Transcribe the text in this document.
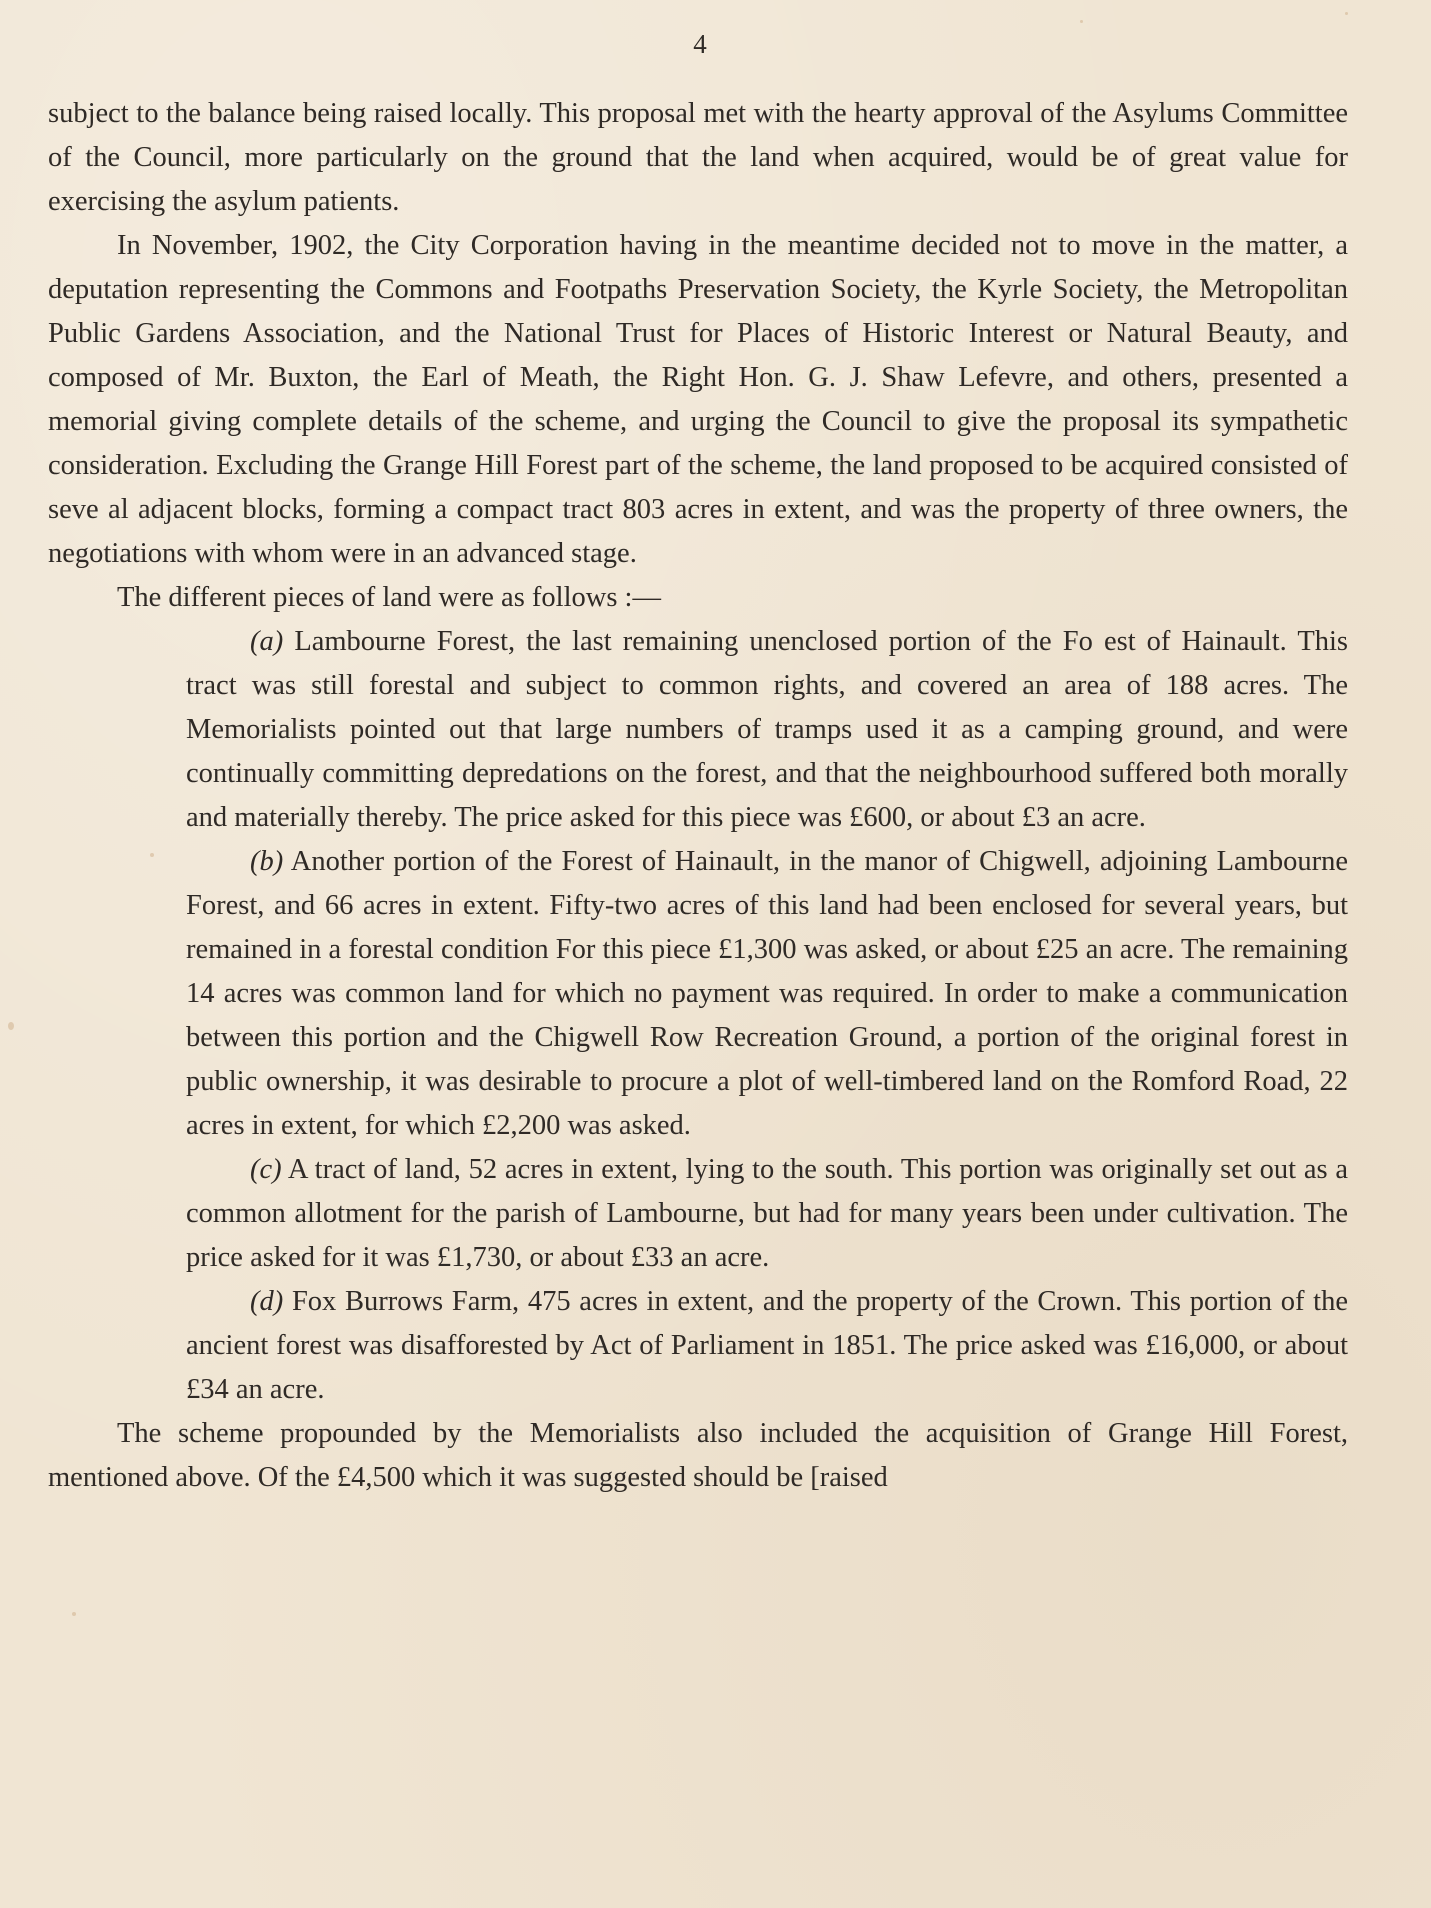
4

subject to the balance being raised locally. This proposal met with the hearty approval of the Asylums Committee of the Council, more particularly on the ground that the land when acquired, would be of great value for exercising the asylum patients.

In November, 1902, the City Corporation having in the meantime decided not to move in the matter, a deputation representing the Commons and Footpaths Preservation Society, the Kyrle Society, the Metropolitan Public Gardens Association, and the National Trust for Places of Historic Interest or Natural Beauty, and composed of Mr. Buxton, the Earl of Meath, the Right Hon. G. J. Shaw Lefevre, and others, presented a memorial giving complete details of the scheme, and urging the Council to give the proposal its sympathetic consideration. Excluding the Grange Hill Forest part of the scheme, the land proposed to be acquired consisted of seve al adjacent blocks, forming a compact tract 803 acres in extent, and was the property of three owners, the negotiations with whom were in an advanced stage.

The different pieces of land were as follows :—

(a) Lambourne Forest, the last remaining unenclosed portion of the Fo est of Hainault. This tract was still forestal and subject to common rights, and covered an area of 188 acres. The Memorialists pointed out that large numbers of tramps used it as a camping ground, and were continually committing depredations on the forest, and that the neighbourhood suffered both morally and materially thereby. The price asked for this piece was £600, or about £3 an acre.

(b) Another portion of the Forest of Hainault, in the manor of Chigwell, adjoining Lambourne Forest, and 66 acres in extent. Fifty-two acres of this land had been enclosed for several years, but remained in a forestal condition For this piece £1,300 was asked, or about £25 an acre. The remaining 14 acres was common land for which no payment was required. In order to make a communication between this portion and the Chigwell Row Recreation Ground, a portion of the original forest in public ownership, it was desirable to procure a plot of well-timbered land on the Romford Road, 22 acres in extent, for which £2,200 was asked.

(c) A tract of land, 52 acres in extent, lying to the south. This portion was originally set out as a common allotment for the parish of Lambourne, but had for many years been under cultivation. The price asked for it was £1,730, or about £33 an acre.

(d) Fox Burrows Farm, 475 acres in extent, and the property of the Crown. This portion of the ancient forest was disafforested by Act of Parliament in 1851. The price asked was £16,000, or about £34 an acre.

The scheme propounded by the Memorialists also included the acquisition of Grange Hill Forest, mentioned above. Of the £4,500 which it was suggested should be [raised
